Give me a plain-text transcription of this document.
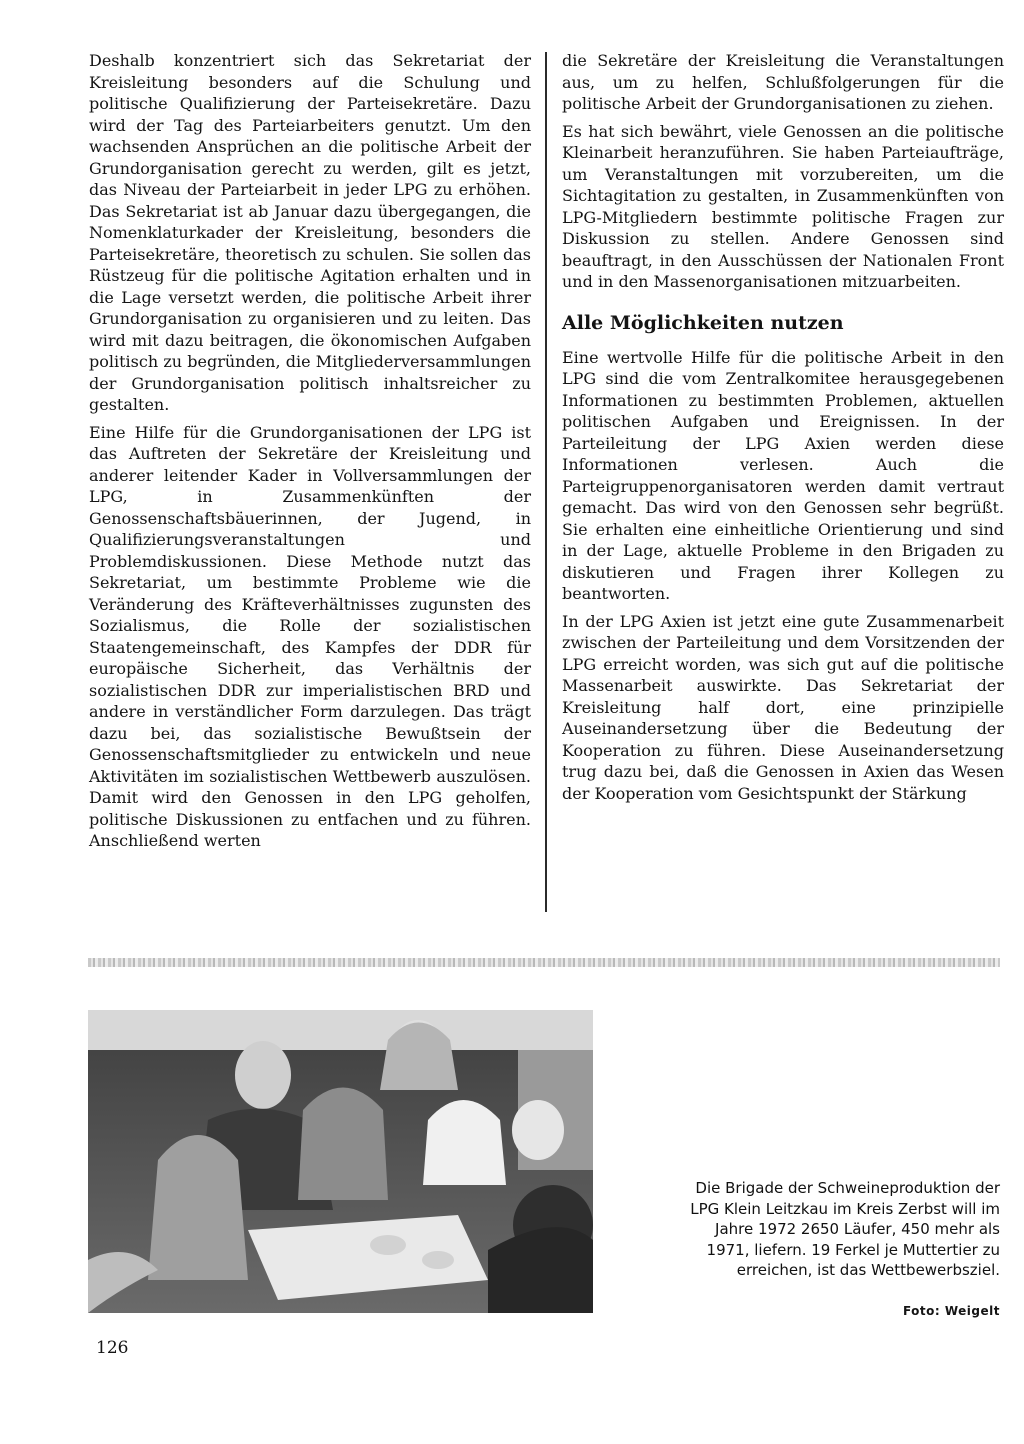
Deshalb konzentriert sich das Sekretariat der Kreisleitung besonders auf die Schulung und politische Qualifizierung der Parteisekretäre. Dazu wird der Tag des Parteiarbeiters genutzt. Um den wachsenden Ansprüchen an die politische Arbeit der Grundorganisation gerecht zu werden, gilt es jetzt, das Niveau der Parteiarbeit in jeder LPG zu erhöhen. Das Sekretariat ist ab Januar dazu übergegangen, die Nomenklaturkader der Kreisleitung, besonders die Parteisekretäre, theoretisch zu schulen. Sie sollen das Rüstzeug für die politische Agitation erhalten und in die Lage versetzt werden, die politische Arbeit ihrer Grundorganisation zu organisieren und zu leiten. Das wird mit dazu beitragen, die ökonomischen Aufgaben politisch zu begründen, die Mitgliederversammlungen der Grundorganisation politisch inhaltsreicher zu gestalten.

Eine Hilfe für die Grundorganisationen der LPG ist das Auftreten der Sekretäre der Kreisleitung und anderer leitender Kader in Vollversammlungen der LPG, in Zusammenkünften der Genossenschaftsbäuerinnen, der Jugend, in Qualifizierungsveranstaltungen und Problemdiskussionen. Diese Methode nutzt das Sekretariat, um bestimmte Probleme wie die Veränderung des Kräfteverhältnisses zugunsten des Sozialismus, die Rolle der sozialistischen Staatengemeinschaft, des Kampfes der DDR für europäische Sicherheit, das Verhältnis der sozialistischen DDR zur imperialistischen BRD und andere in verständlicher Form darzulegen. Das trägt dazu bei, das sozialistische Bewußtsein der Genossenschaftsmitglieder zu entwickeln und neue Aktivitäten im sozialistischen Wettbewerb auszulösen. Damit wird den Genossen in den LPG geholfen, politische Diskussionen zu entfachen und zu führen. Anschließend werten

die Sekretäre der Kreisleitung die Veranstaltungen aus, um zu helfen, Schlußfolgerungen für die politische Arbeit der Grundorganisationen zu ziehen.

Es hat sich bewährt, viele Genossen an die politische Kleinarbeit heranzuführen. Sie haben Parteiaufträge, um Veranstaltungen mit vorzubereiten, um die Sichtagitation zu gestalten, in Zusammenkünften von LPG-Mitgliedern bestimmte politische Fragen zur Diskussion zu stellen. Andere Genossen sind beauftragt, in den Ausschüssen der Nationalen Front und in den Massenorganisationen mitzuarbeiten.

Alle Möglichkeiten nutzen

Eine wertvolle Hilfe für die politische Arbeit in den LPG sind die vom Zentralkomitee herausgegebenen Informationen zu bestimmten Problemen, aktuellen politischen Aufgaben und Ereignissen. In der Parteileitung der LPG Axien werden diese Informationen verlesen. Auch die Parteigruppenorganisatoren werden damit vertraut gemacht. Das wird von den Genossen sehr begrüßt. Sie erhalten eine einheitliche Orientierung und sind in der Lage, aktuelle Probleme in den Brigaden zu diskutieren und Fragen ihrer Kollegen zu beantworten.

In der LPG Axien ist jetzt eine gute Zusammenarbeit zwischen der Parteileitung und dem Vorsitzenden der LPG erreicht worden, was sich gut auf die politische Massenarbeit auswirkte. Das Sekretariat der Kreisleitung half dort, eine prinzipielle Auseinandersetzung über die Bedeutung der Kooperation zu führen. Diese Auseinandersetzung trug dazu bei, daß die Genossen in Axien das Wesen der Kooperation vom Gesichtspunkt der Stärkung

Die Brigade der Schweineproduktion der LPG Klein Leitzkau im Kreis Zerbst will im Jahre 1972 2650 Läufer, 450 mehr als 1971, liefern. 19 Ferkel je Muttertier zu erreichen, ist das Wettbewerbsziel.
Foto: Weigelt
126
